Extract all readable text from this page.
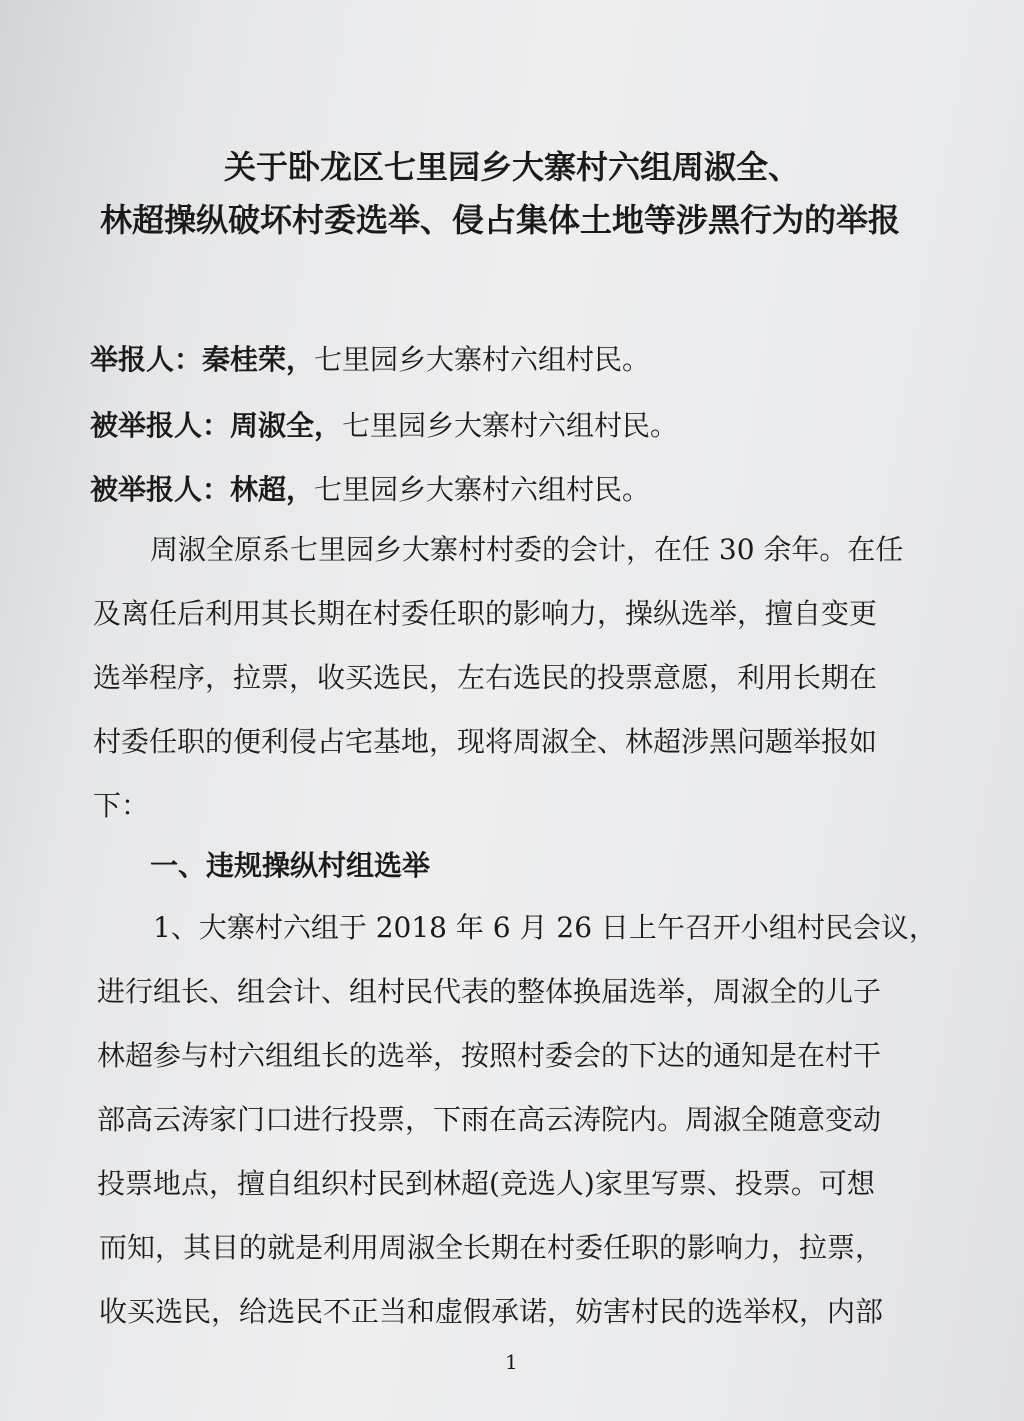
关于卧龙区七里园乡大寨村六组周淑全、
林超操纵破坏村委选举、侵占集体土地等涉黑行为的举报
举报人：秦桂荣，七里园乡大寨村六组村民。
被举报人：周淑全，七里园乡大寨村六组村民。
被举报人：林超，七里园乡大寨村六组村民。
周淑全原系七里园乡大寨村村委的会计，在任 30 余年。在任
及离任后利用其长期在村委任职的影响力，操纵选举，擅自变更
选举程序，拉票，收买选民，左右选民的投票意愿，利用长期在
村委任职的便利侵占宅基地，现将周淑全、林超涉黑问题举报如
下：
一、违规操纵村组选举
1、大寨村六组于 2018 年 6 月 26 日上午召开小组村民会议，
进行组长、组会计、组村民代表的整体换届选举，周淑全的儿子
林超参与村六组组长的选举，按照村委会的下达的通知是在村干
部高云涛家门口进行投票，下雨在高云涛院内。周淑全随意变动
投票地点，擅自组织村民到林超(竞选人)家里写票、投票。可想
而知，其目的就是利用周淑全长期在村委任职的影响力，拉票，
收买选民，给选民不正当和虚假承诺，妨害村民的选举权，内部
1
